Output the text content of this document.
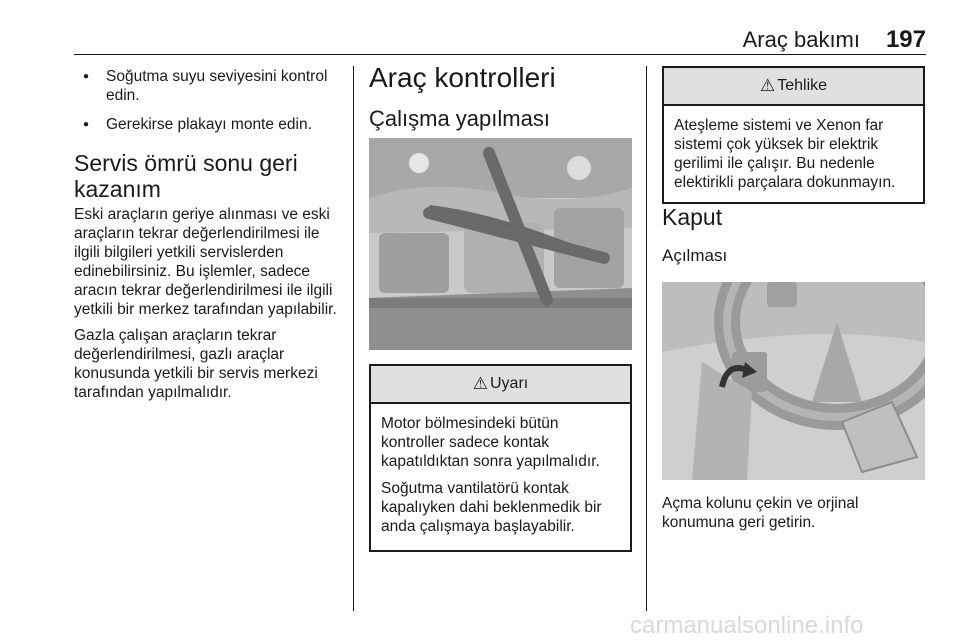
Araç bakımı	197
● Soğutma suyu seviyesini kontrol edin.
● Gerekirse plakayı monte edin.
Servis ömrü sonu geri kazanım

Eski araçların geriye alınması ve eski araçların tekrar değerlendirilmesi ile ilgili bilgileri yetkili servislerden edinebilirsiniz. Bu işlemler, sadece aracın tekrar değerlendirilmesi ile ilgili yetkili bir merkez tarafından yapılabilir.

Gazla çalışan araçların tekrar değerlendirilmesi, gazlı araçlar konusunda yetkili bir servis merkezi tarafından yapılmalıdır.

Araç kontrolleri
Çalışma yapılması
⚠ Uyarı

Motor bölmesindeki bütün kontroller sadece kontak kapatıldıktan sonra yapılmalıdır.

Soğutma vantilatörü kontak kapalıyken dahi beklenmedik bir anda çalışmaya başlayabilir.

⚠ Tehlike

Ateşleme sistemi ve Xenon far sistemi çok yüksek bir elektrik gerilimi ile çalışır. Bu nedenle elektirikli parçalara dokunmayın.

Kaput
Açılması
Açma kolunu çekin ve orjinal konumuna geri getirin.
carmanualsonline.info
